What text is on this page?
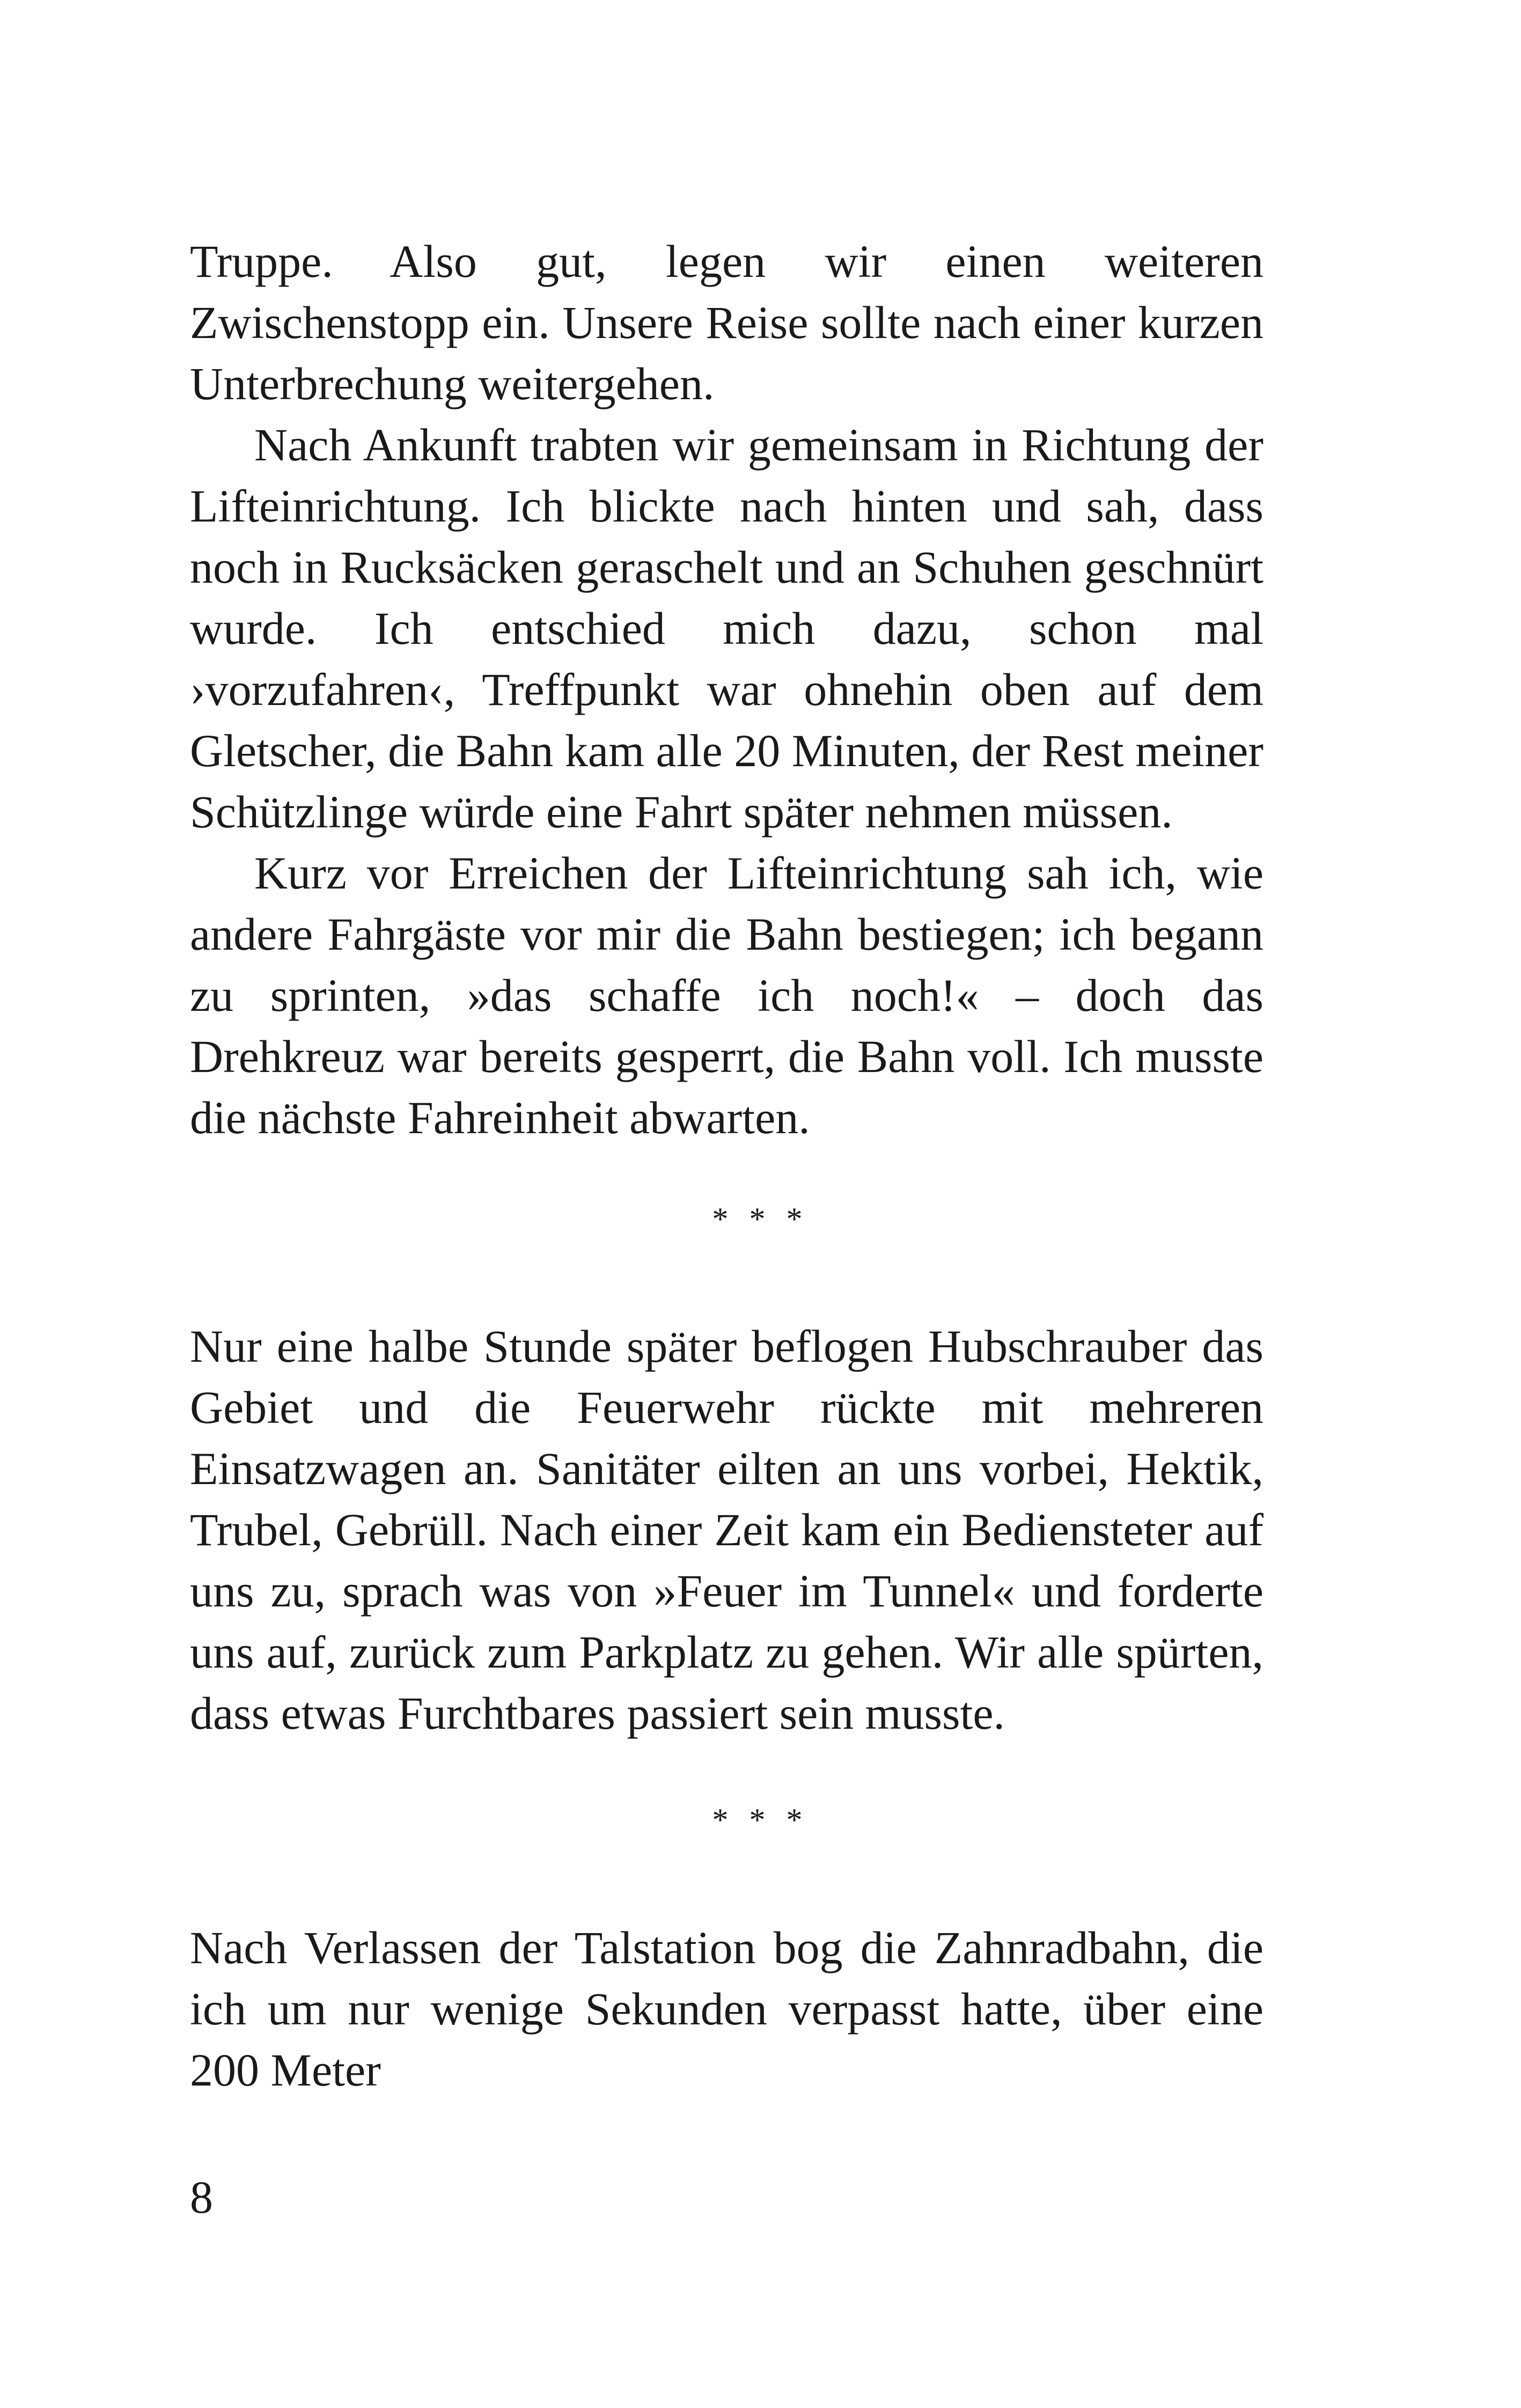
Truppe. Also gut, legen wir einen weiteren Zwischenstopp ein. Unsere Reise sollte nach einer kurzen Unterbrechung weitergehen.

Nach Ankunft trabten wir gemeinsam in Richtung der Lifteinrichtung. Ich blickte nach hinten und sah, dass noch in Rucksäcken geraschelt und an Schuhen geschnürt wurde. Ich entschied mich dazu, schon mal ›vorzufahren‹, Treffpunkt war ohnehin oben auf dem Gletscher, die Bahn kam alle 20 Minuten, der Rest meiner Schützlinge würde eine Fahrt später nehmen müssen.

Kurz vor Erreichen der Lifteinrichtung sah ich, wie andere Fahrgäste vor mir die Bahn bestiegen; ich begann zu sprinten, »das schaffe ich noch!« – doch das Drehkreuz war bereits gesperrt, die Bahn voll. Ich musste die nächste Fahreinheit abwarten.

* * *

Nur eine halbe Stunde später beflogen Hubschrauber das Gebiet und die Feuerwehr rückte mit mehreren Einsatzwagen an. Sanitäter eilten an uns vorbei, Hektik, Trubel, Gebrüll. Nach einer Zeit kam ein Bediensteter auf uns zu, sprach was von »Feuer im Tunnel« und forderte uns auf, zurück zum Parkplatz zu gehen. Wir alle spürten, dass etwas Furchtbares passiert sein musste.

* * *

Nach Verlassen der Talstation bog die Zahnradbahn, die ich um nur wenige Sekunden verpasst hatte, über eine 200 Meter

8
